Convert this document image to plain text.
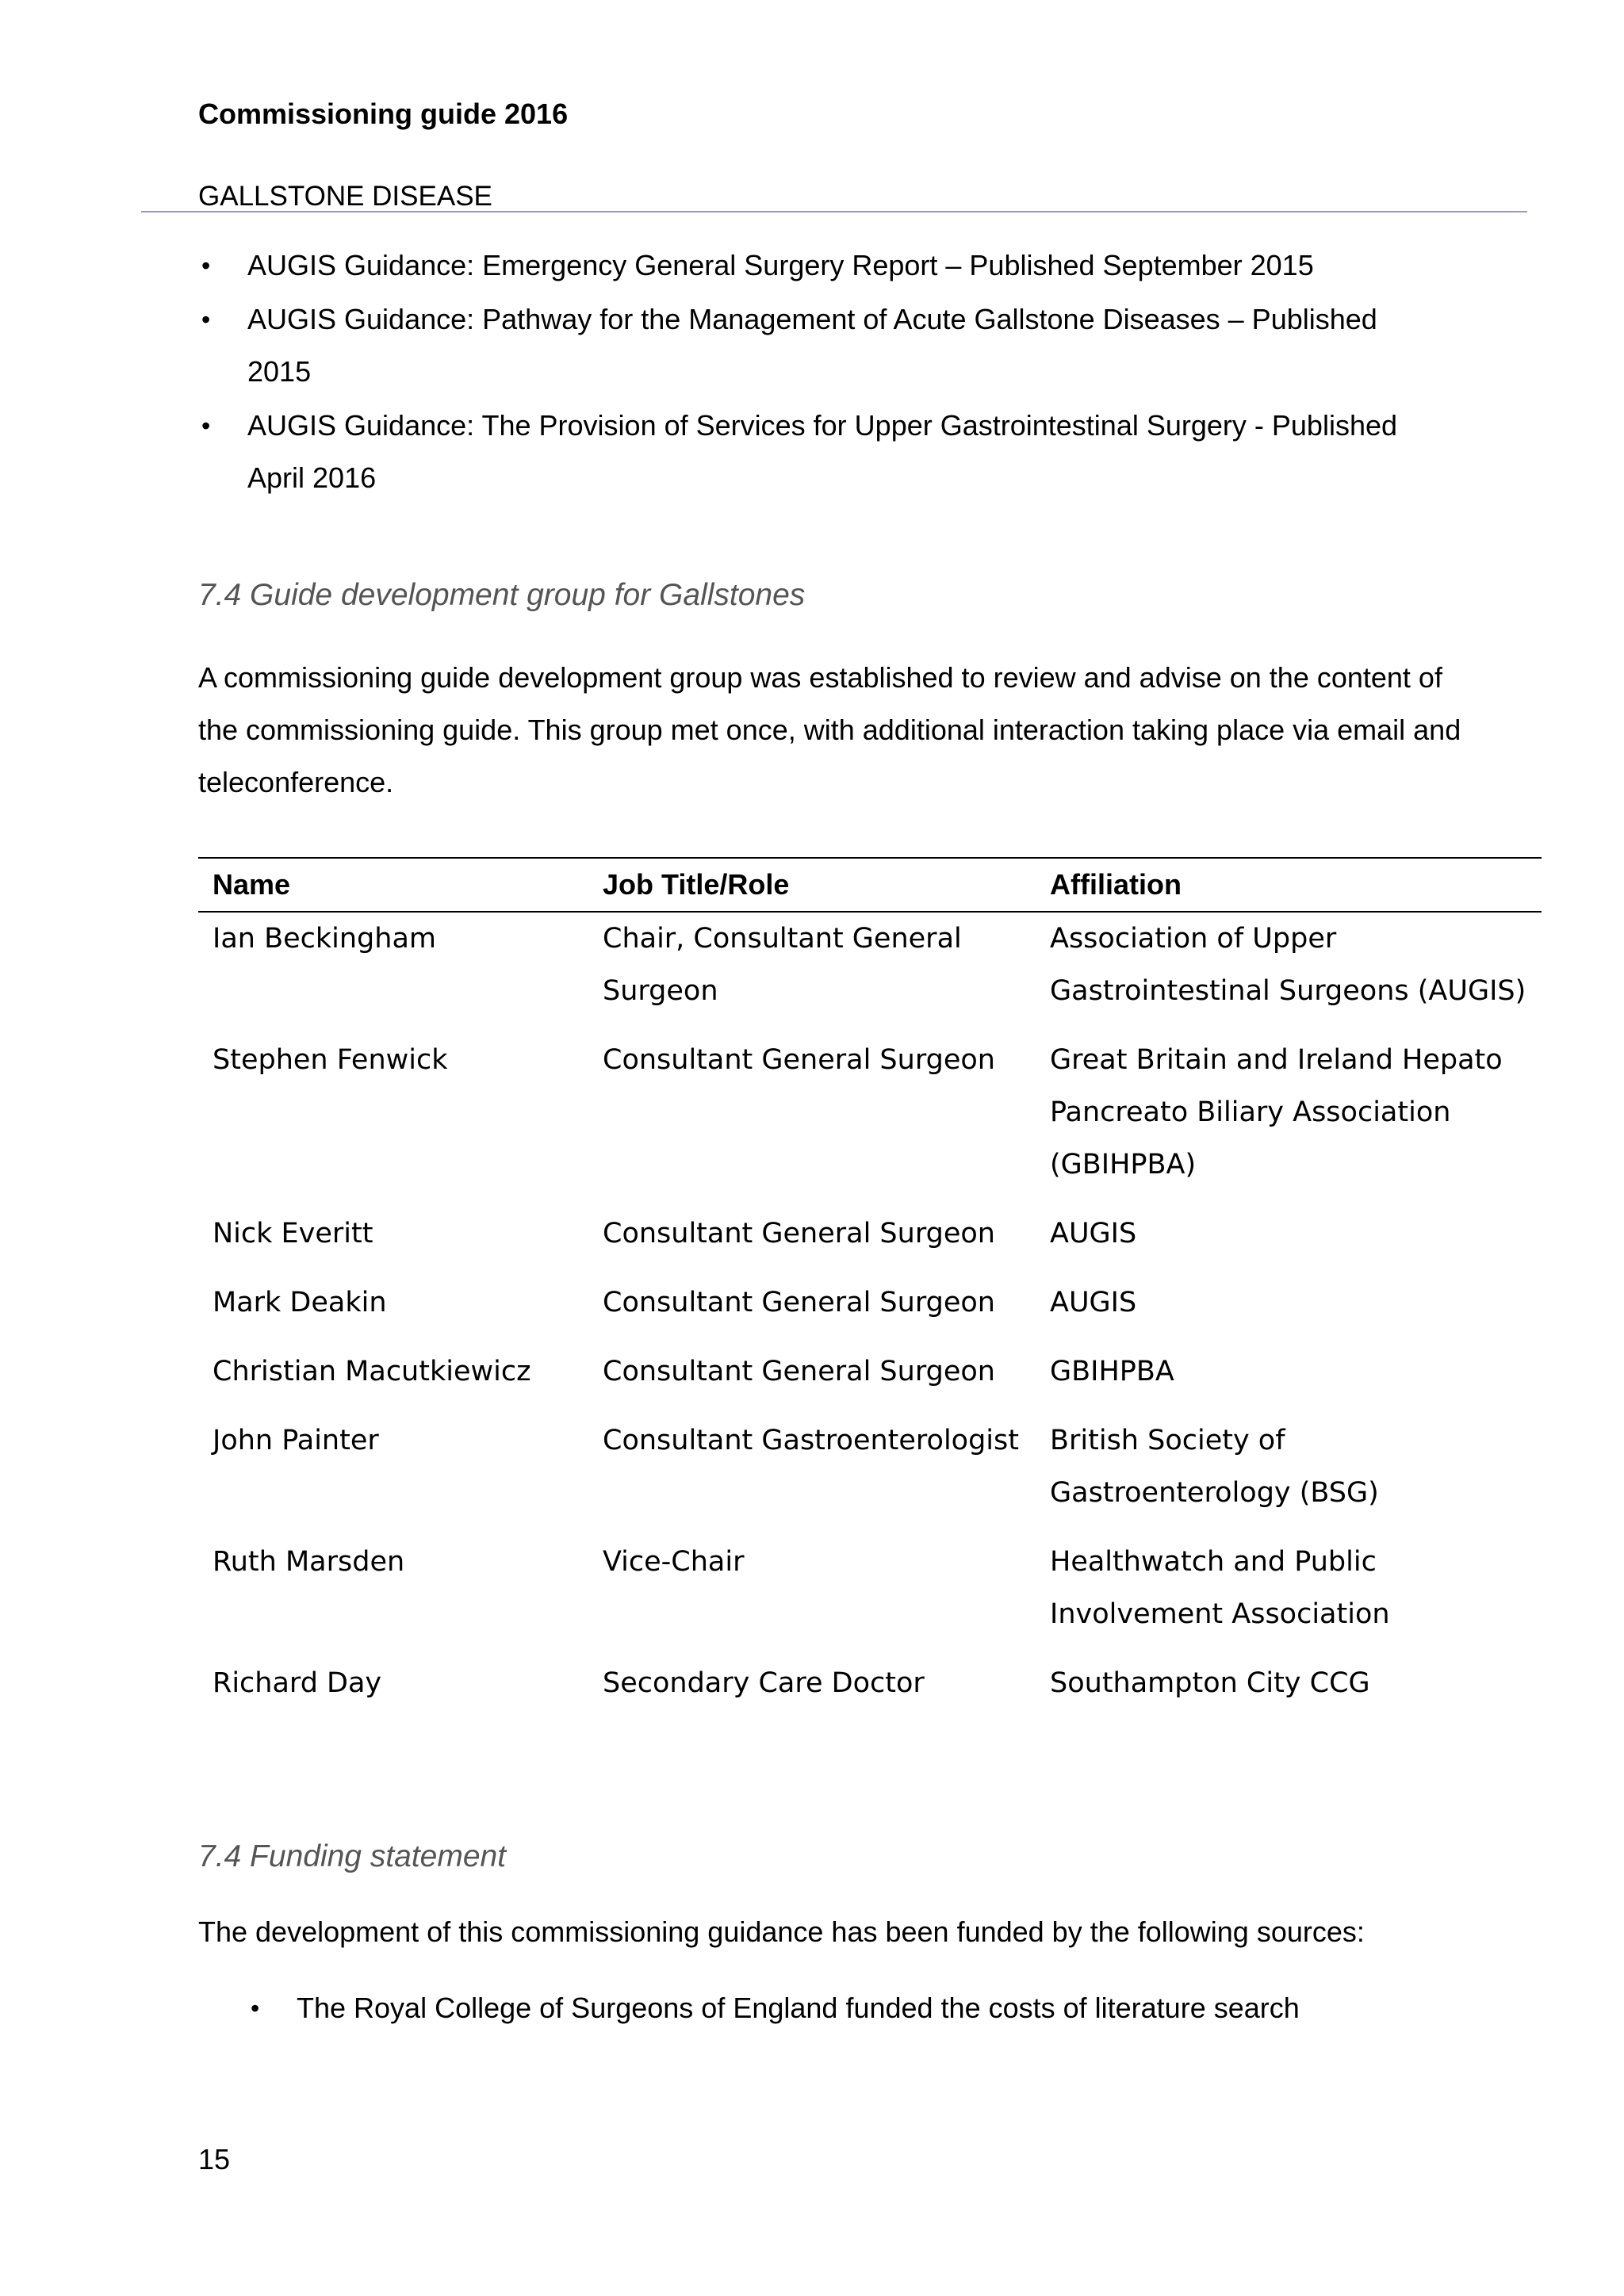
Commissioning guide 2016

GALLSTONE DISEASE

• AUGIS Guidance: Emergency General Surgery Report – Published September 2015
• AUGIS Guidance: Pathway for the Management of Acute Gallstone Diseases – Published 2015
• AUGIS Guidance: The Provision of Services for Upper Gastrointestinal Surgery - Published April 2016
7.4 Guide development group for Gallstones

A commissioning guide development group was established to review and advise on the content of the commissioning guide. This group met once, with additional interaction taking place via email and teleconference.

Name	Job Title/Role	Affiliation
Ian Beckingham	Chair, Consultant General Surgeon	Association of Upper Gastrointestinal Surgeons (AUGIS)
Stephen Fenwick	Consultant General Surgeon	Great Britain and Ireland Hepato Pancreato Biliary Association (GBIHPBA)
Nick Everitt	Consultant General Surgeon	AUGIS
Mark Deakin	Consultant General Surgeon	AUGIS
Christian Macutkiewicz	Consultant General Surgeon	GBIHPBA
John Painter	Consultant Gastroenterologist	British Society of Gastroenterology (BSG)
Ruth Marsden	Vice-Chair	Healthwatch and Public Involvement Association
Richard Day	Secondary Care Doctor	Southampton City CCG
7.4 Funding statement

The development of this commissioning guidance has been funded by the following sources:

• The Royal College of Surgeons of England funded the costs of literature search

15
